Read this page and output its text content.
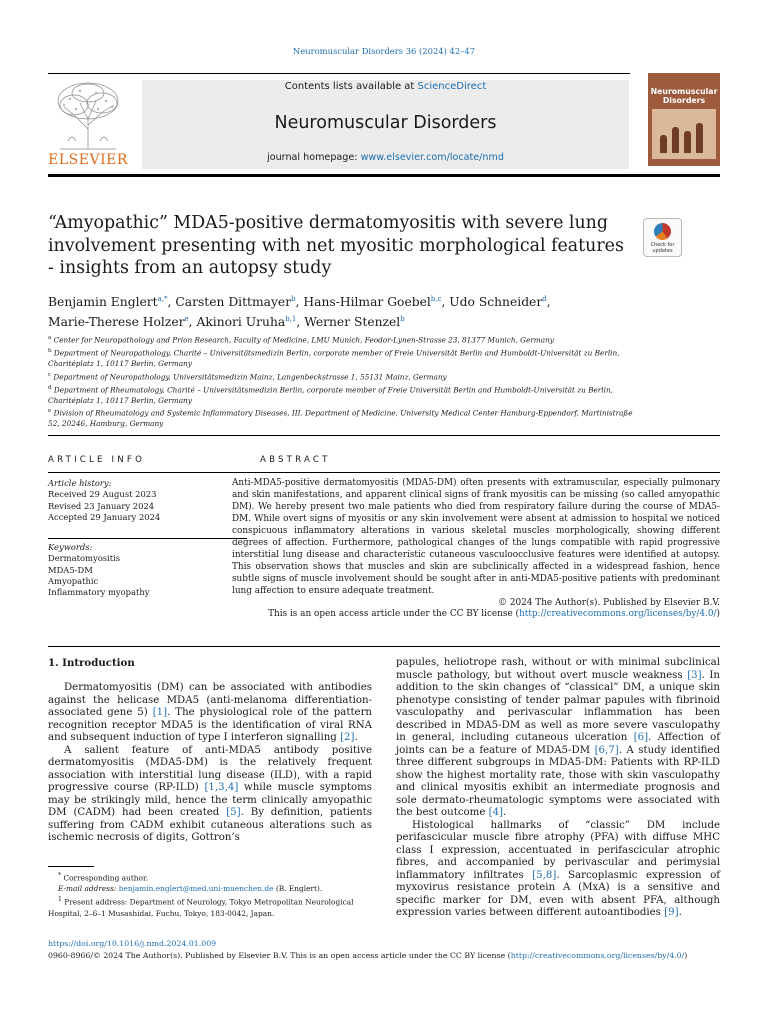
Neuromuscular Disorders 36 (2024) 42–47
ELSEVIER
Contents lists available at ScienceDirect
Neuromuscular Disorders
journal homepage: www.elsevier.com/locate/nmd
Neuromuscular Disorders
“Amyopathic” MDA5-positive dermatomyositis with severe lung involvement presenting with net myositic morphological features - insights from an autopsy study
Check for updates
Benjamin Englert$^{a,*}$, Carsten Dittmayer$^b$, Hans-Hilmar Goebel$^{b,c}$, Udo Schneider$^d$,
Marie-Therese Holzer$^e$, Akinori Uruha$^{b,1}$, Werner Stenzel$^b$
$^a$ Center for Neuropathology and Prion Research, Faculty of Medicine, LMU Munich, Feodor-Lynen-Strasse 23, 81377 Munich, Germany
$^b$ Department of Neuropathology, Charité – Universitätsmedizin Berlin, corporate member of Freie Universität Berlin and Humboldt-Universität zu Berlin, Charitéplatz 1, 10117 Berlin, Germany
$^c$ Department of Neuropathology, Universitätsmedizin Mainz, Langenbeckstrasse 1, 55131 Mainz, Germany
$^d$ Department of Rheumatology, Charité – Universitätsmedizin Berlin, corporate member of Freie Universität Berlin and Humboldt-Universität zu Berlin, Charitéplatz 1, 10117 Berlin, Germany
$^e$ Division of Rheumatology and Systemic Inflammatory Diseases, III. Department of Medicine, University Medical Center Hamburg-Eppendorf, Martinistraße 52, 20246, Hamburg, Germany
ARTICLE INFO
Article history:
Received 29 August 2023
Revised 23 January 2024
Accepted 29 January 2024
Keywords:
Dermatomyositis
MDA5-DM
Amyopathic
Inflammatory myopathy
ABSTRACT

Anti-MDA5-positive dermatomyositis (MDA5-DM) often presents with extramuscular, especially pulmonary and skin manifestations, and apparent clinical signs of frank myositis can be missing (so called amyopathic DM). We hereby present two male patients who died from respiratory failure during the course of MDA5-DM. While overt signs of myositis or any skin involvement were absent at admission to hospital we noticed conspicuous inflammatory alterations in various skeletal muscles morphologically, showing different degrees of affection. Furthermore, pathological changes of the lungs compatible with rapid progressive interstitial lung disease and characteristic cutaneous vasculoocclusive features were identified at autopsy. This observation shows that muscles and skin are subclinically affected in a widespread fashion, hence subtle signs of muscle involvement should be sought after in anti-MDA5-positive patients with predominant lung affection to ensure adequate treatment.

© 2024 The Author(s). Published by Elsevier B.V.

This is an open access article under the CC BY license (http://creativecommons.org/licenses/by/4.0/)

1. Introduction

Dermatomyositis (DM) can be associated with antibodies against the helicase MDA5 (anti-melanoma differentiation-associated gene 5) [1]. The physiological role of the pattern recognition receptor MDA5 is the identification of viral RNA and subsequent induction of type I interferon signalling [2].

A salient feature of anti-MDA5 antibody positive dermatomyositis (MDA5-DM) is the relatively frequent association with interstitial lung disease (ILD), with a rapid progressive course (RP-ILD) [1,3,4] while muscle symptoms may be strikingly mild, hence the term clinically amyopathic DM (CADM) had been created [5]. By definition, patients suffering from CADM exhibit cutaneous alterations such as ischemic necrosis of digits, Gottron’s

papules, heliotrope rash, without or with minimal subclinical muscle pathology, but without overt muscle weakness [3]. In addition to the skin changes of “classical” DM, a unique skin phenotype consisting of tender palmar papules with fibrinoid vasculopathy and perivascular inflammation has been described in MDA5-DM as well as more severe vasculopathy in general, including cutaneous ulceration [6]. Affection of joints can be a feature of MDA5-DM [6,7]. A study identified three different subgroups in MDA5-DM: Patients with RP-ILD show the highest mortality rate, those with skin vasculopathy and clinical myositis exhibit an intermediate prognosis and sole dermato-rheumatologic symptoms were associated with the best outcome [4].

Histological hallmarks of “classic” DM include perifascicular muscle fibre atrophy (PFA) with diffuse MHC class I expression, accentuated in perifascicular atrophic fibres, and accompanied by perivascular and perimysial inflammatory infiltrates [5,8]. Sarcoplasmic expression of myxovirus resistance protein A (MxA) is a sensitive and specific marker for DM, even with absent PFA, although expression varies between different autoantibodies [9].

* Corresponding author.

E-mail address: benjamin.englert@med.uni-muenchen.de (B. Englert).

$^1$ Present address: Department of Neurology, Tokyo Metropolitan Neurological Hospital, 2–6–1 Musashidai, Fuchu, Tokyo, 183-0042, Japan.

https://doi.org/10.1016/j.nmd.2024.01.009
0960-8966/© 2024 The Author(s). Published by Elsevier B.V. This is an open access article under the CC BY license (http://creativecommons.org/licenses/by/4.0/)
